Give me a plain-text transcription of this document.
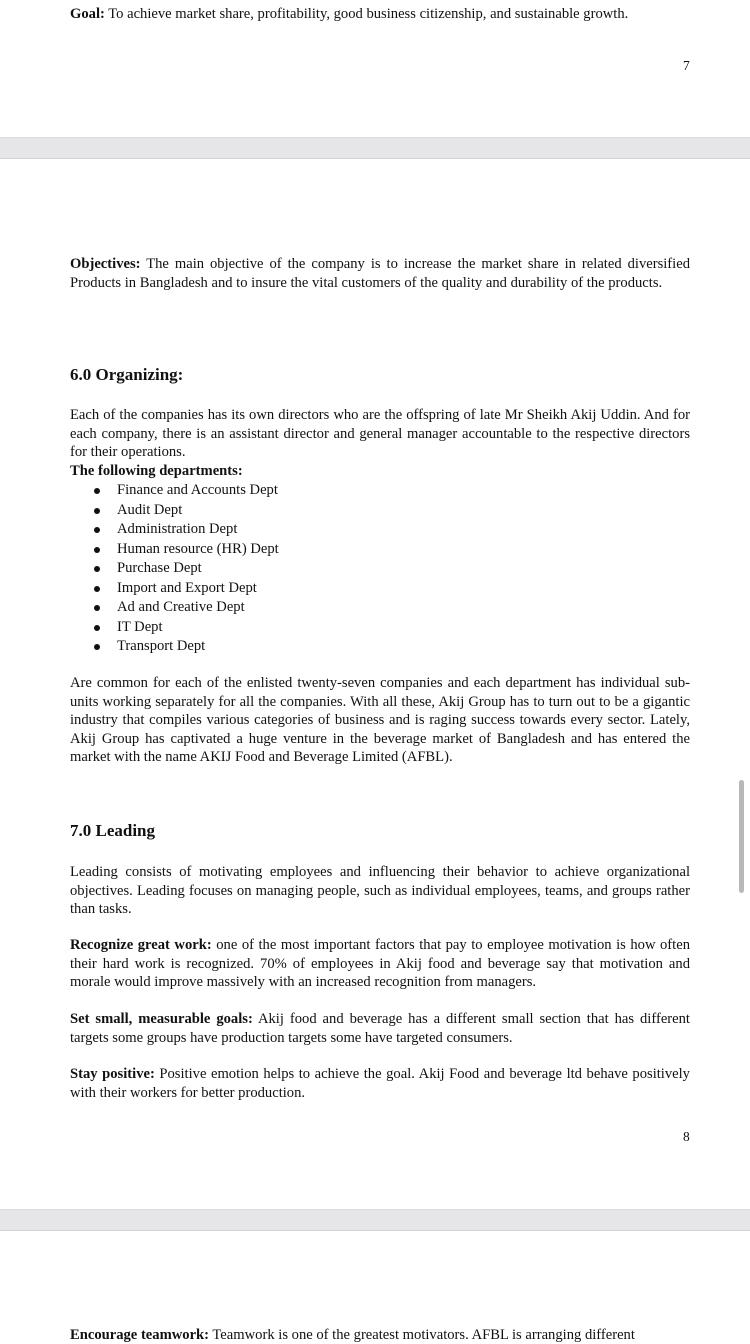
Goal: To achieve market share, profitability, good business citizenship, and sustainable growth.
7
Objectives: The main objective of the company is to increase the market share in related diversified Products in Bangladesh and to insure the vital customers of the quality and durability of the products.
6.0 Organizing:
Each of the companies has its own directors who are the offspring of late Mr Sheikh Akij Uddin. And for each company, there is an assistant director and general manager accountable to the respective directors for their operations.
The following departments:
Finance and Accounts Dept
Audit Dept
Administration Dept
Human resource (HR) Dept
Purchase Dept
Import and Export Dept
Ad and Creative Dept
IT Dept
Transport Dept
Are common for each of the enlisted twenty-seven companies and each department has individual sub-units working separately for all the companies. With all these, Akij Group has to turn out to be a gigantic industry that compiles various categories of business and is raging success towards every sector. Lately, Akij Group has captivated a huge venture in the beverage market of Bangladesh and has entered the market with the name AKIJ Food and Beverage Limited (AFBL).
7.0 Leading
Leading consists of motivating employees and influencing their behavior to achieve organizational objectives. Leading focuses on managing people, such as individual employees, teams, and groups rather than tasks.
Recognize great work: one of the most important factors that pay to employee motivation is how often their hard work is recognized. 70% of employees in Akij food and beverage say that motivation and morale would improve massively with an increased recognition from managers.
Set small, measurable goals: Akij food and beverage has a different small section that has different targets some groups have production targets some have targeted consumers.
Stay positive: Positive emotion helps to achieve the goal. Akij Food and beverage ltd behave positively with their workers for better production.
8
Encourage teamwork: Teamwork is one of the greatest motivators. AFBL is arranging different
